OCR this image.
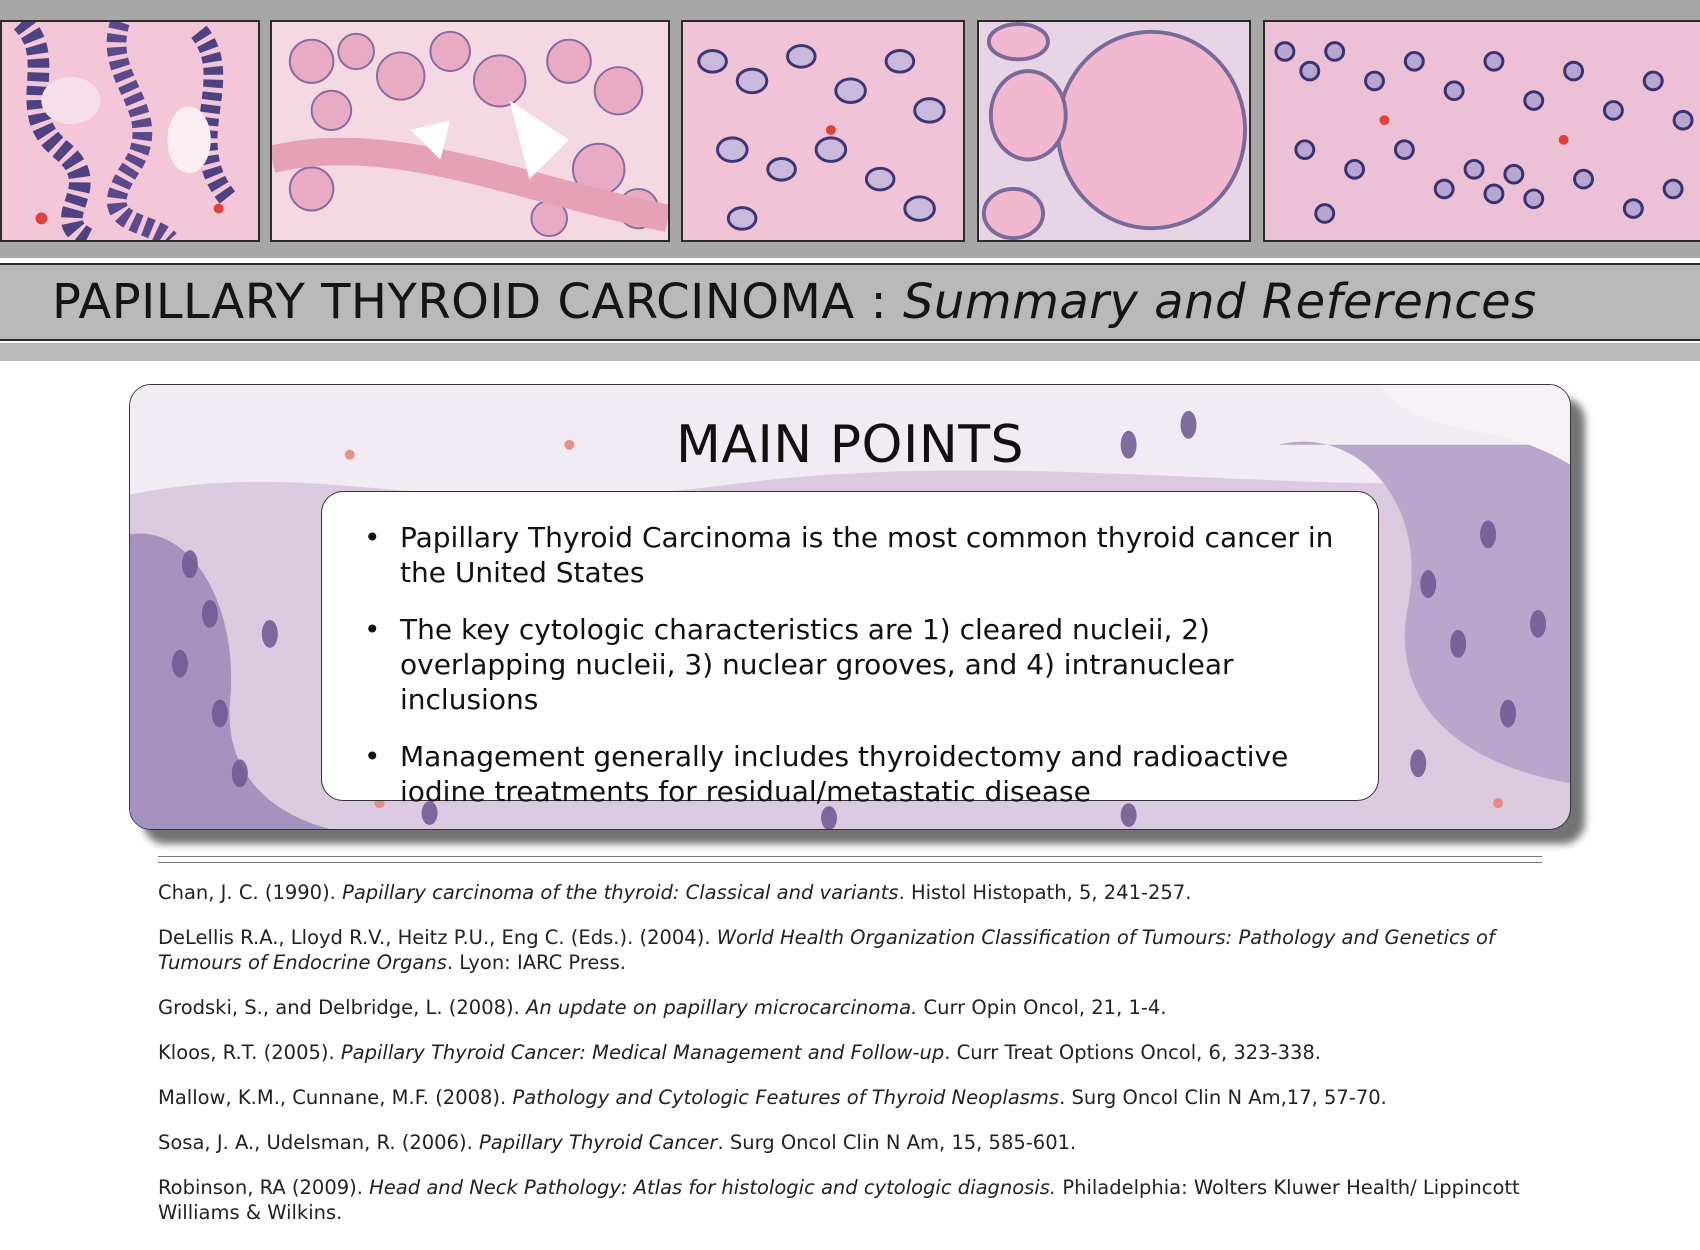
PAPILLARY THYROID CARCINOMA : Summary and References
MAIN POINTS
• Papillary Thyroid Carcinoma is the most common thyroid cancer in the United States
• The key cytologic characteristics are 1) cleared nucleii, 2) overlapping nucleii, 3) nuclear grooves, and 4) intranuclear inclusions
• Management generally includes thyroidectomy and radioactive iodine treatments for residual/metastatic disease
Chan, J. C. (1990). Papillary carcinoma of the thyroid: Classical and variants. Histol Histopath, 5, 241-257.
DeLellis R.A., Lloyd R.V., Heitz P.U., Eng C. (Eds.). (2004). World Health Organization Classification of Tumours: Pathology and Genetics of Tumours of Endocrine Organs. Lyon: IARC Press.
Grodski, S., and Delbridge, L. (2008). An update on papillary microcarcinoma. Curr Opin Oncol, 21, 1-4.
Kloos, R.T. (2005). Papillary Thyroid Cancer: Medical Management and Follow-up. Curr Treat Options Oncol, 6, 323-338.
Mallow, K.M., Cunnane, M.F. (2008). Pathology and Cytologic Features of Thyroid Neoplasms. Surg Oncol Clin N Am,17, 57-70.
Sosa, J. A., Udelsman, R. (2006). Papillary Thyroid Cancer. Surg Oncol Clin N Am, 15, 585-601.
Robinson, RA (2009). Head and Neck Pathology: Atlas for histologic and cytologic diagnosis. Philadelphia: Wolters Kluwer Health/ Lippincott Williams & Wilkins.
